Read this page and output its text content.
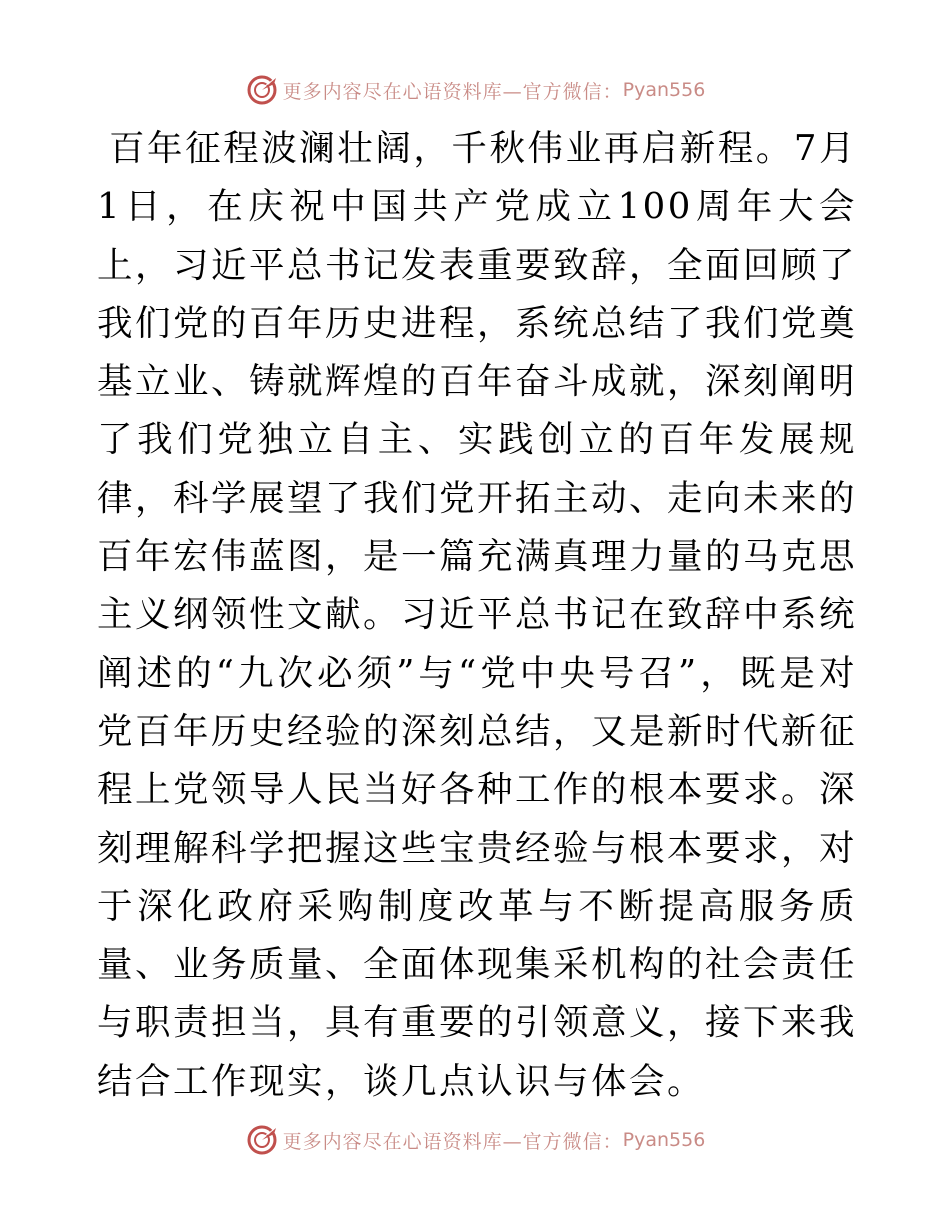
更多内容尽在心语资料库—官方微信： Pyan556

百年征程波澜壮阔，千秋伟业再启新程。7月1日，在庆祝中国共产党成立100周年大会上，习近平总书记发表重要致辞，全面回顾了我们党的百年历史进程，系统总结了我们党奠基立业、铸就辉煌的百年奋斗成就，深刻阐明了我们党独立自主、实践创立的百年发展规律，科学展望了我们党开拓主动、走向未来的百年宏伟蓝图，是一篇充满真理力量的马克思主义纲领性文献。习近平总书记在致辞中系统阐述的“九次必须”与“党中央号召”，既是对党百年历史经验的深刻总结，又是新时代新征程上党领导人民当好各种工作的根本要求。深刻理解科学把握这些宝贵经验与根本要求，对于深化政府采购制度改革与不断提高服务质量、业务质量、全面体现集采机构的社会责任与职责担当，具有重要的引领意义，接下来我结合工作现实，谈几点认识与体会。

更多内容尽在心语资料库—官方微信： Pyan556
